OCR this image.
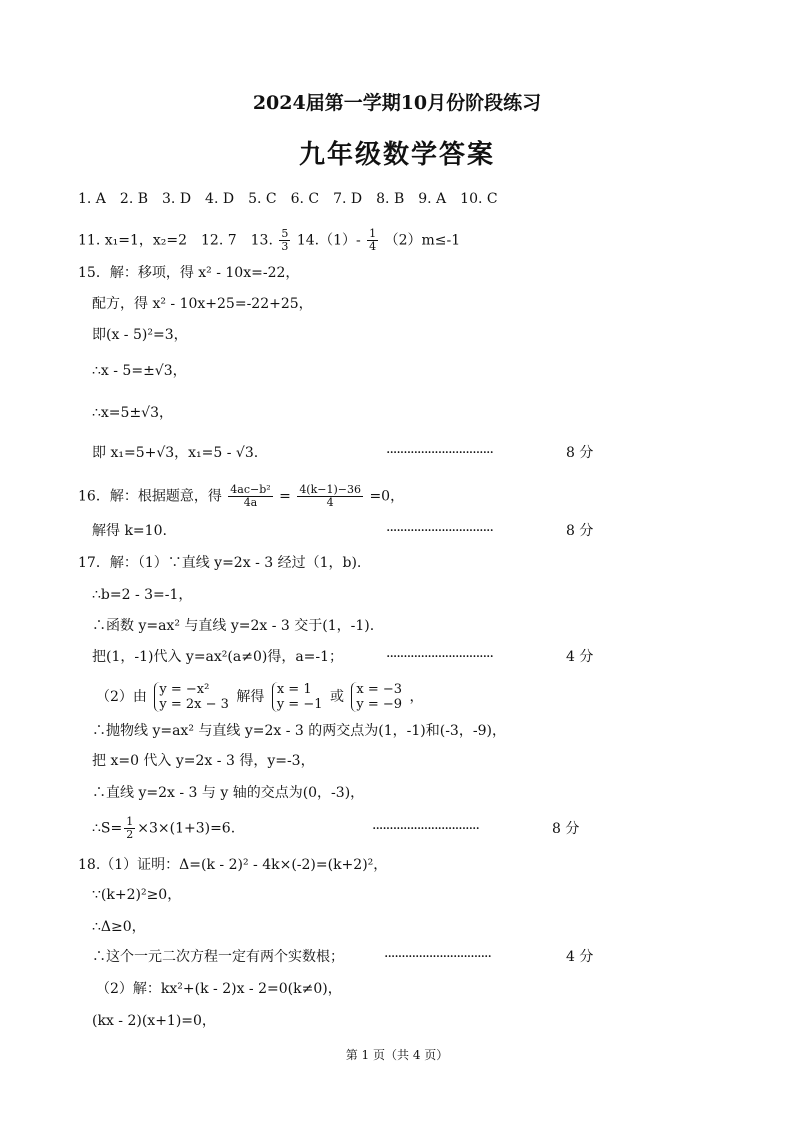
2024届第一学期10月份阶段练习
九年级数学答案
1. A　2. B　3. D　4. D　5. C　6. C　7. D　8. B　9. A　10. C
11. x₁=1，x₂=2　12. 7　13. $\frac{5}{3} 14.(1)- \frac{1}{4} (2)m\le-1$
15．解：移项，得 x² - 10x=-22，
配方，得 x² - 10x+25=-22+25，
即(x - 5)²=3，
∴x - 5=±√3，
∴x=5±√3，
即 x₁=5+√3，x₁=5 - √3.	·······························	8 分
16．解：根据题意，得 $\frac{\text{4ac−b²}}{4a} = \frac{4(k-1)-36}{4} =0$，
解得 k=10.	·······························	8 分
17．解：（1）∵直线 y=2x - 3 经过（1，b).
∴b=2 - 3=-1，
∴函数 y=ax² 与直线 y=2x - 3 交于(1，-1).
把(1，-1)代入 y=ax²(a≠0)得，a=-1；	·······························	4 分
（2）由 y = −x²
y = 2x − 3 解得 x = 1
y = −1 或 x = −3
y = −9 ，
∴抛物线 y=ax² 与直线 y=2x - 3 的两交点为(1，-1)和(-3，-9)，
把 x=0 代入 y=2x - 3 得，y=-3，
∴直线 y=2x - 3 与 y 轴的交点为(0，-3)，
∴S= $\frac{1}{2} \times 3\times(1+3)=6$.	·······························	8 分
18.（1）证明：Δ=(k - 2)² - 4k×(-2)=(k+2)²，
∵(k+2)²≥0，
∴Δ≥0，
∴这个一元二次方程一定有两个实数根；	·······························	4 分
（2）解：kx²+(k - 2)x - 2=0(k≠0)，
(kx - 2)(x+1)=0，
第 1 页（共 4 页）
